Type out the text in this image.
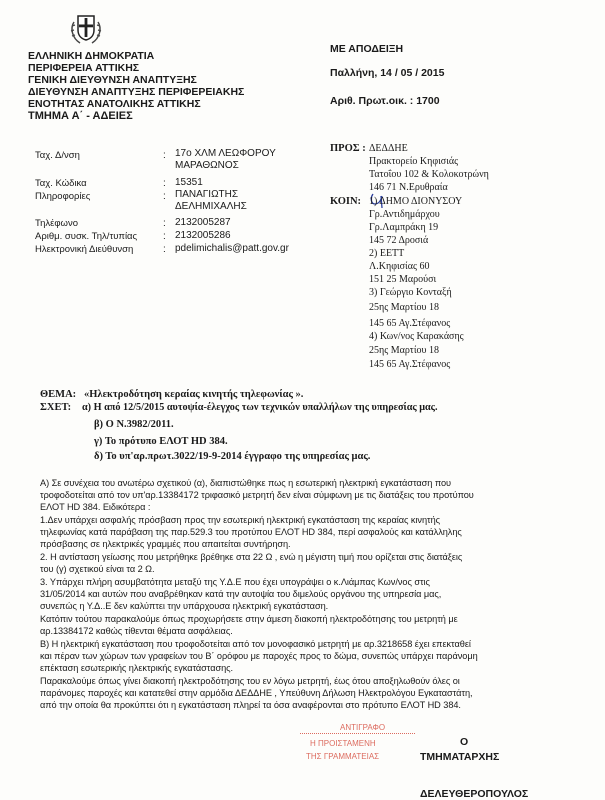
ΕΛΛΗΝΙΚΗ ΔΗΜΟΚΡΑΤΙΑ
ΠΕΡΙΦΕΡΕΙΑ ΑΤΤΙΚΗΣ
ΓΕΝΙΚΗ ΔΙΕΥΘΥΝΣΗ ΑΝΑΠΤΥΞΗΣ
ΔΙΕΥΘΥΝΣΗ ΑΝΑΠΤΥΞΗΣ ΠΕΡΙΦΕΡΕΙΑΚΗΣ
ΕΝΟΤΗΤΑΣ ΑΝΑΤΟΛΙΚΗΣ ΑΤΤΙΚΗΣ
ΤΜΗΜΑ Α΄ - ΑΔΕΙΕΣ
ΜΕ ΑΠΟΔΕΙΞΗ
Παλλήνη, 14 / 05 / 2015
Αριθ. Πρωτ.οικ. : 1700
Ταχ. Δ/νση	: 17ο ΧΛΜ ΛΕΩΦΟΡΟΥ
ΜΑΡΑΘΩΝΟΣ
Ταχ. Κώδικα	: 15351
Πληροφορίες	: ΠΑΝΑΓΙΩΤΗΣ
ΔΕΛΗΜΙΧΑΛΗΣ
Τηλέφωνο	: 2132005287
Αριθμ. συσκ. Τηλ/τυπίας	: 2132005286
Ηλεκτρονική Διεύθυνση	: pdelimichalis@patt.gov.gr
ΠΡΟΣ : ΔΕΔΔΗΕ
Πρακτορείο Κηφισιάς
Τατοΐου 102 & Κολοκοτρώνη
146 71 Ν.Ερυθραία
ΚΟΙΝ: 1) ΔΗΜΟ ΔΙΟΝΥΣΟΥ
Γρ.Αντιδημάρχου
Γρ.Λαμπράκη 19
145 72 Δροσιά
2) ΕΕΤΤ
Λ.Κηφισίας 60
151 25 Μαρούσι
3) Γεώργιο Κονταξή
25ης Μαρτίου 18
145 65 Αγ.Στέφανος
4) Κων/νος Καρακάσης
25ης Μαρτίου 18
145 65 Αγ.Στέφανος
ΘΕΜΑ: «Ηλεκτροδότηση κεραίας κινητής τηλεφωνίας ».
ΣΧΕΤ: α) Η από 12/5/2015 αυτοψία-έλεγχος των τεχνικών υπαλλήλων της υπηρεσίας μας.
β) Ο Ν.3982/2011.
γ) Το πρότυπο ΕΛΟΤ HD 384.
δ) Το υπ'αρ.πρωτ.3022/19-9-2014 έγγραφο της υπηρεσίας μας.
Α) Σε συνέχεια του ανωτέρω σχετικού (α), διαπιστώθηκε πως η εσωτερική ηλεκτρική εγκατάσταση που
τροφοδοτείται από τον υπ'αρ.13384172 τριφασικό μετρητή δεν είναι σύμφωνη με τις διατάξεις του προτύπου
ΕΛΟΤ HD 384. Ειδικότερα :
1.Δεν υπάρχει ασφαλής πρόσβαση προς την εσωτερική ηλεκτρική εγκατάσταση της κεραίας κινητής
τηλεφωνίας κατά παράβαση της παρ.529.3 του προτύπου ΕΛΟΤ HD 384, περί ασφαλούς και κατάλληλης
πρόσβασης σε ηλεκτρικές γραμμές που απαιτείται συντήρηση.
2. Η αντίσταση γείωσης που μετρήθηκε βρέθηκε στα 22 Ω , ενώ η μέγιστη τιμή που ορίζεται στις διατάξεις
του (γ) σχετικού είναι τα 2 Ω.
3. Υπάρχει πλήρη ασυμβατότητα μεταξύ της Υ.Δ.Ε που έχει υπογράψει ο κ.Λιάμπας Κων/νος στις
31/05/2014 και αυτών που αναβρέθηκαν κατά την αυτοψία του διμελούς οργάνου της υπηρεσία μας,
συνεπώς η Υ.Δ..Ε δεν καλύπτει την υπάρχουσα ηλεκτρική εγκατάσταση.
Κατόπιν τούτου παρακαλούμε όπως προχωρήσετε στην άμεση διακοπή ηλεκτροδότησης του μετρητή με
αρ.13384172 καθώς τίθενται θέματα ασφάλειας.
Β) Η ηλεκτρική εγκατάσταση που τροφοδοτείται από τον μονοφασικό μετρητή με αρ.3218658 έχει επεκταθεί
και πέραν των χώρων των γραφείων του Β΄ ορόφου με παροχές προς το δώμα, συνεπώς υπάρχει παράνομη
επέκταση εσωτερικής ηλεκτρικής εγκατάστασης.
Παρακαλούμε όπως γίνει διακοπή ηλεκτροδότησης του εν λόγω μετρητή, έως ότου αποξηλωθούν όλες οι
παράνομες παροχές και κατατεθεί στην αρμόδια ΔΕΔΔΗΕ , Υπεύθυνη Δήλωση Ηλεκτρολόγου Εγκαταστάτη,
από την οποία θα προκύπτει ότι η εγκατάσταση πληρεί τα όσα αναφέρονται στο πρότυπο ΕΛΟΤ HD 384.
ΑΝΤΙΓΡΑΦΟ
Η ΠΡΟΙΣΤΑΜΕΝΗ
ΤΗΣ ΓΡΑΜΜΑΤΕΙΑΣ
Ο
ΤΜΗΜΑΤΑΡΧΗΣ
ΔΕΛΕΥΘΕΡΟΠΟΥΛΟΣ
